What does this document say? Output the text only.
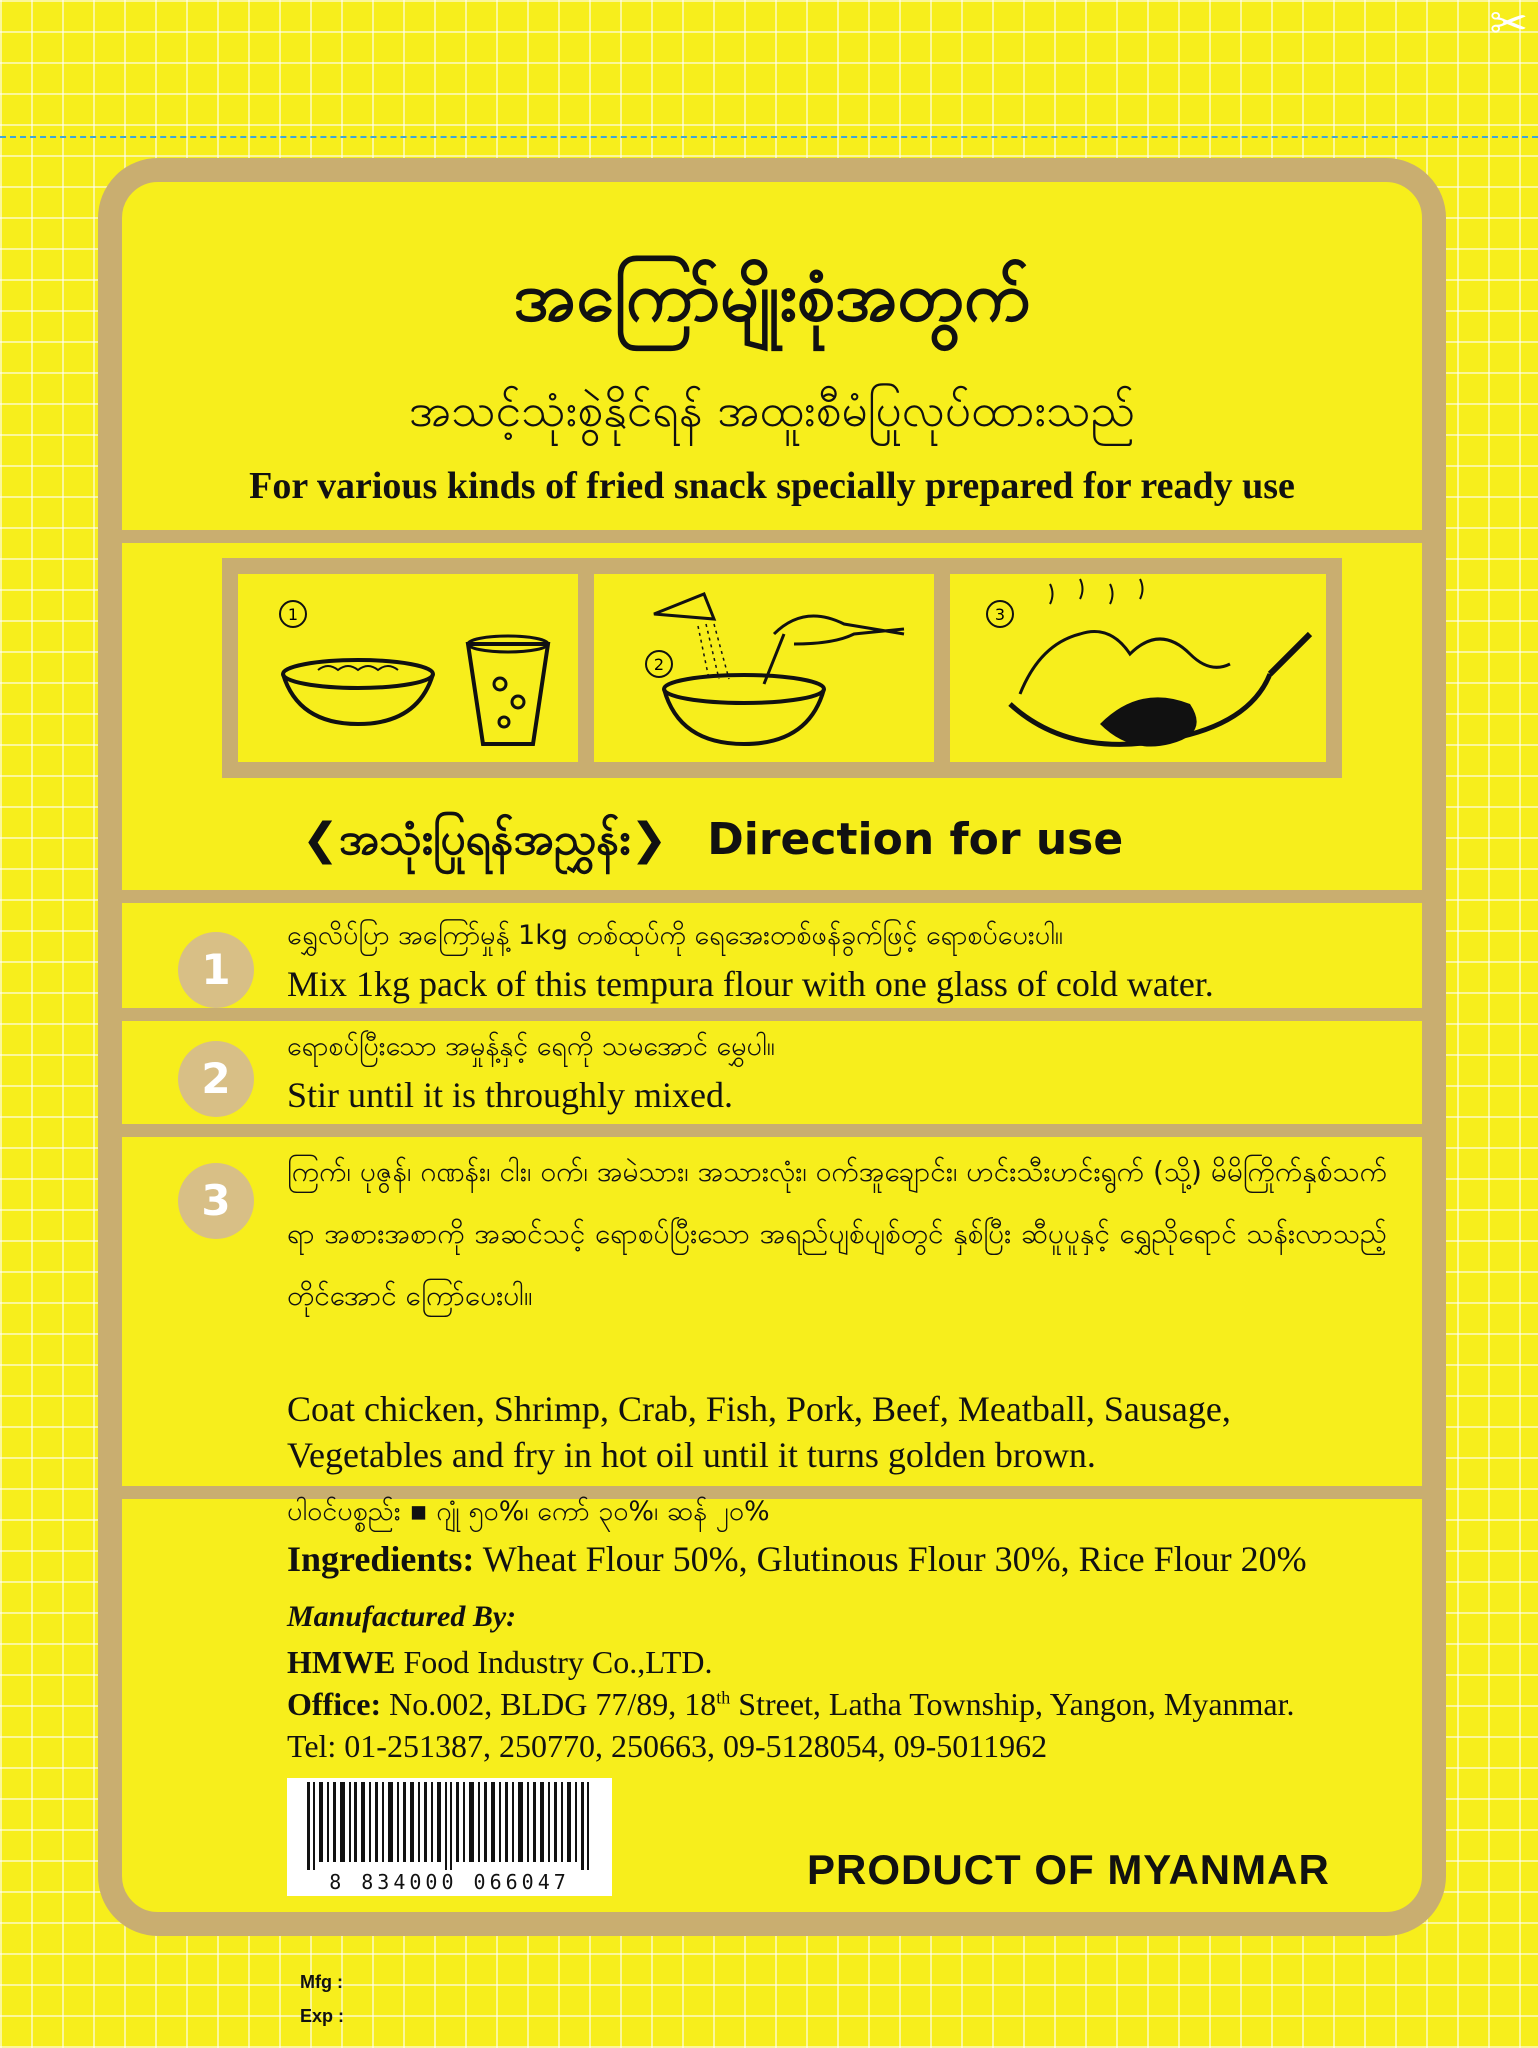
✂
အကြော်မျိုးစုံအတွက်
အသင့်သုံးစွဲနိုင်ရန် အထူးစီမံပြုလုပ်ထားသည်
For various kinds of fried snack specially prepared for ready use
1
2
3
❮အသုံးပြုရန်အညွှန်း❯ Direction for use
1
ရွှေလိပ်ပြာ အကြော်မှုန့် 1kg တစ်ထုပ်ကို ရေအေးတစ်ဖန်ခွက်ဖြင့် ရောစပ်ပေးပါ။
Mix 1kg pack of this tempura flour with one glass of cold water.
2
ရောစပ်ပြီးသော အမှုန့်နှင့် ရေကို သမအောင် မွှေပါ။
Stir until it is throughly mixed.
3
ကြက်၊ ပုဇွန်၊ ဂဏန်း၊ ငါး၊ ဝက်၊ အမဲသား၊ အသားလုံး၊ ဝက်အူချောင်း၊ ဟင်းသီးဟင်းရွက် (သို့) မိမိကြိုက်နှစ်သက်ရာ အစားအစာကို အဆင်သင့် ရောစပ်ပြီးသော အရည်ပျစ်ပျစ်တွင် နှစ်ပြီး ဆီပူပူနှင့် ရွှေညိုရောင် သန်းလာသည့် တိုင်အောင် ကြော်ပေးပါ။
Coat chicken, Shrimp, Crab, Fish, Pork, Beef, Meatball, Sausage,
Vegetables and fry in hot oil until it turns golden brown.
ပါဝင်ပစ္စည်း ▪ ဂျုံ ၅၀%၊ ကော် ၃၀%၊ ဆန် ၂၀%
Ingredients: Wheat Flour 50%, Glutinous Flour 30%, Rice Flour 20%
Manufactured By:
HMWE Food Industry Co.,LTD.
Office: No.002, BLDG 77/89, 18th Street, Latha Township, Yangon, Myanmar.
Tel: 01-251387, 250770, 250663, 09-5128054, 09-5011962
8 834000 066047	PRODUCT OF MYANMAR
Mfg :
Exp :
